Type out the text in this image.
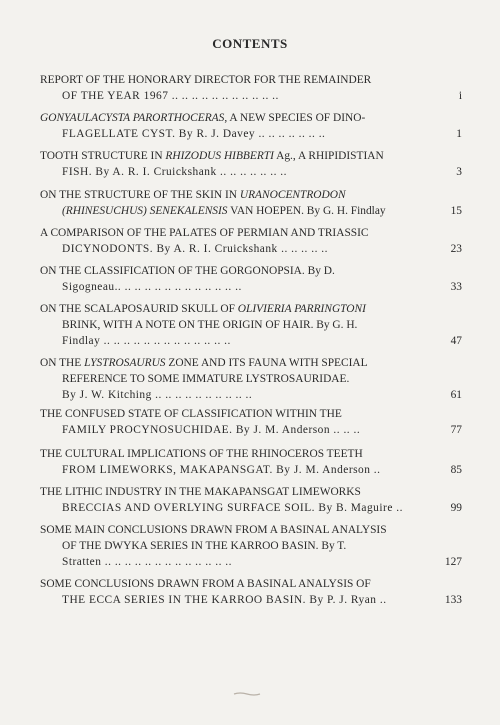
CONTENTS
REPORT OF THE HONORARY DIRECTOR FOR THE REMAINDER
OF THE YEAR 1967 .. .. .. .. .. .. .. .. .. .. ..	i
GONYAULACYSTA PARORTHOCERAS, A NEW SPECIES OF DINO-
FLAGELLATE CYST. By R. J. Davey .. .. .. .. .. .. ..	1
TOOTH STRUCTURE IN RHIZODUS HIBBERTI Ag., A RHIPIDISTIAN
FISH. By A. R. I. Cruickshank .. .. .. .. .. .. ..	3
ON THE STRUCTURE OF THE SKIN IN URANOCENTRODON
(RHINESUCHUS) SENEKALENSIS VAN HOEPEN. By G. H. Findlay	15
A COMPARISON OF THE PALATES OF PERMIAN AND TRIASSIC
DICYNODONTS. By A. R. I. Cruickshank .. .. .. .. ..	23
ON THE CLASSIFICATION OF THE GORGONOPSIA. By D.
Sigogneau.. .. .. .. .. .. .. .. .. .. .. .. ..	33
ON THE SCALAPOSAURID SKULL OF OLIVIERIA PARRINGTONI
BRINK, WITH A NOTE ON THE ORIGIN OF HAIR. By G. H.
Findlay .. .. .. .. .. .. .. .. .. .. .. .. ..	47
ON THE LYSTROSAURUS ZONE AND ITS FAUNA WITH SPECIAL
REFERENCE TO SOME IMMATURE LYSTROSAURIDAE.
By J. W. Kitching .. .. .. .. .. .. .. .. .. ..	61
THE CONFUSED STATE OF CLASSIFICATION WITHIN THE
FAMILY PROCYNOSUCHIDAE. By J. M. Anderson .. .. ..	77
THE CULTURAL IMPLICATIONS OF THE RHINOCEROS TEETH
FROM LIMEWORKS, MAKAPANSGAT. By J. M. Anderson ..	85
THE LITHIC INDUSTRY IN THE MAKAPANSGAT LIMEWORKS
BRECCIAS AND OVERLYING SURFACE SOIL. By B. Maguire ..	99
SOME MAIN CONCLUSIONS DRAWN FROM A BASINAL ANALYSIS
OF THE DWYKA SERIES IN THE KARROO BASIN. By T.
Stratten .. .. .. .. .. .. .. .. .. .. .. .. ..	127
SOME CONCLUSIONS DRAWN FROM A BASINAL ANALYSIS OF
THE ECCA SERIES IN THE KARROO BASIN. By P. J. Ryan ..	133
